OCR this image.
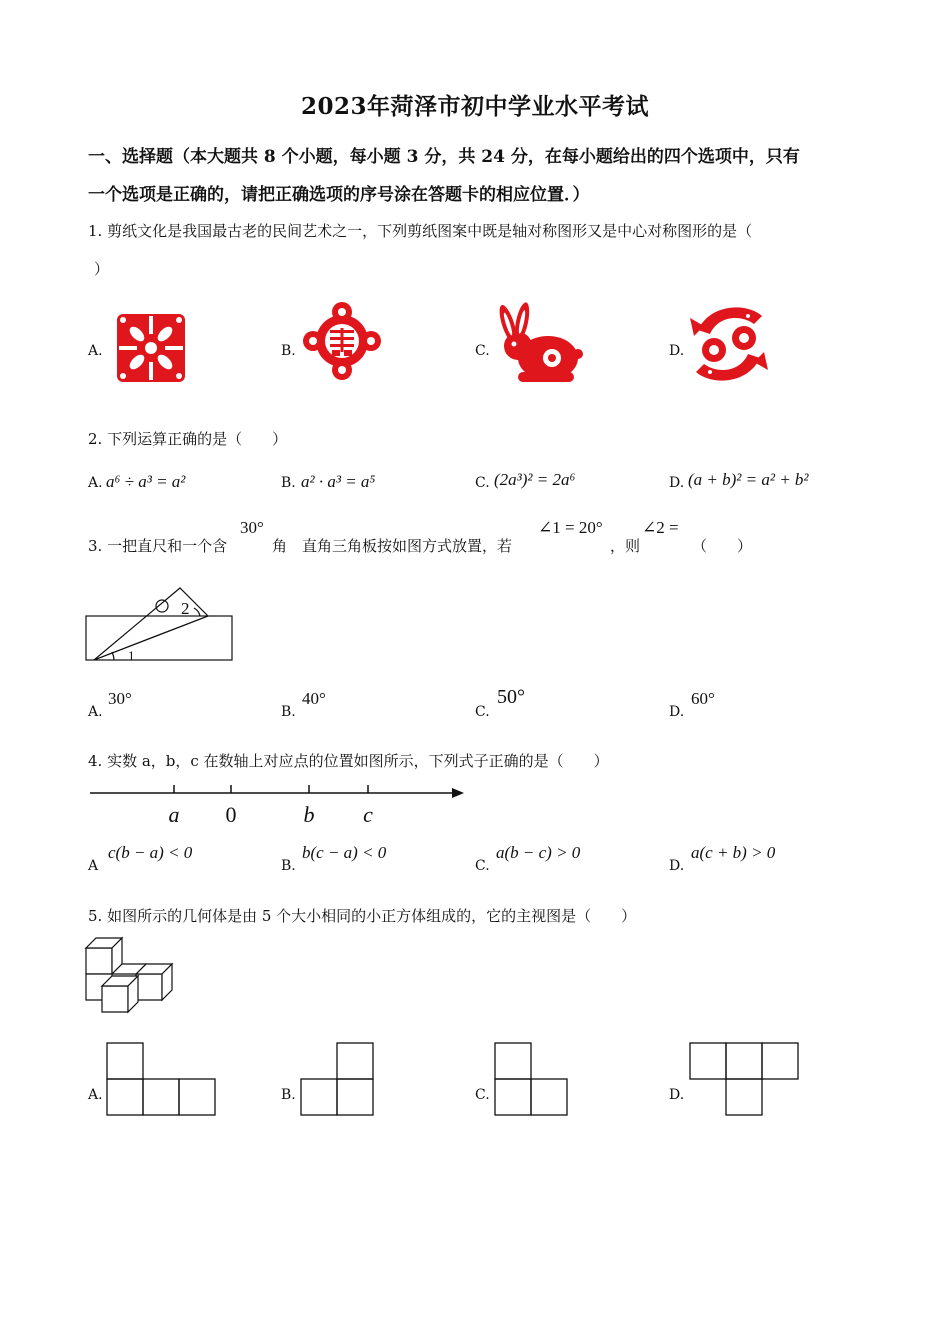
2023年菏泽市初中学业水平考试
一、选择题（本大题共 8 个小题，每小题 3 分，共 24 分，在每小题给出的四个选项中，只有
一个选项是正确的，请把正确选项的序号涂在答题卡的相应位置．）
1. 剪纸文化是我国最古老的民间艺术之一，下列剪纸图案中既是轴对称图形又是中心对称图形的是（
）
A.	B.	C.	D.
2. 下列运算正确的是（　　）
A. a⁶ ÷ a³ = a²	B. a² · a³ = a⁵	C. (2a³)² = 2a⁶	D. (a + b)² = a² + b²
3. 一把直尺和一个含
30°
角　直角三角板按如图方式放置，若
∠1 = 20°
，则
∠2 =
（　　）
2
1
A.
30°
B.
40°
C.
50°
D.
60°
4. 实数 a，b，c 在数轴上对应点的位置如图所示，下列式子正确的是（　　）
a 0	b c
A
c(b − a) < 0
B.
b(c − a) < 0
C.
a(b − c) > 0
D.
a(c + b) > 0
5. 如图所示的几何体是由 5 个大小相同的小正方体组成的，它的主视图是（　　）
A.	B.	C.	D.
